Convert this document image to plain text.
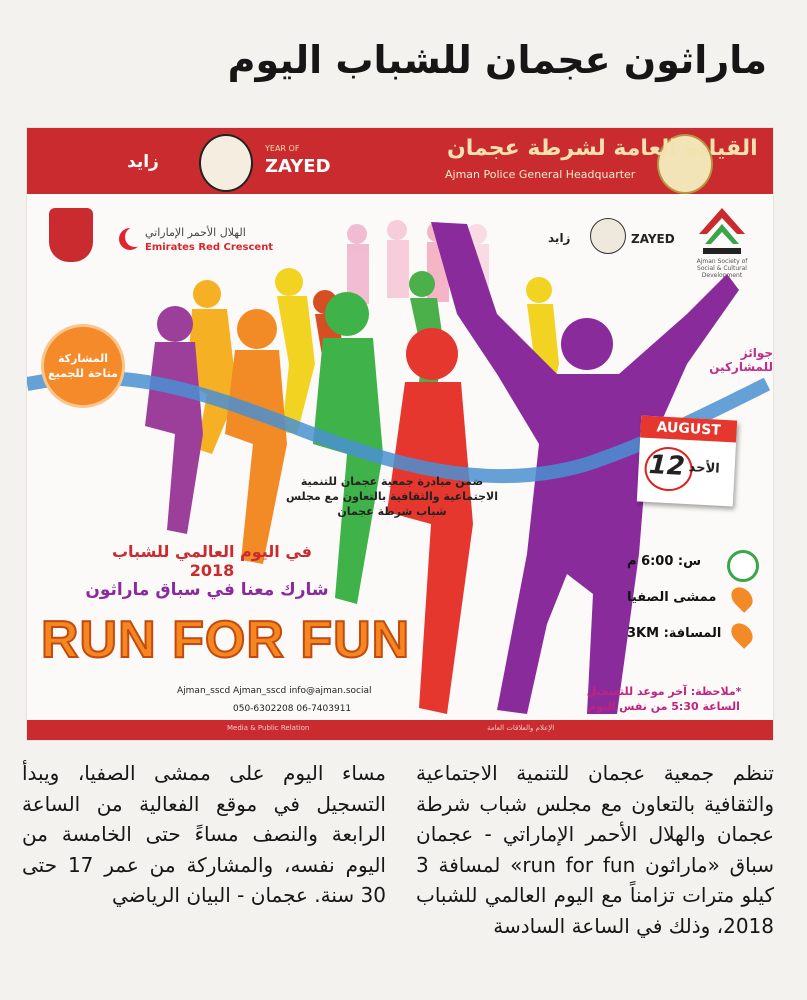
ماراثون عجمان للشباب اليوم
القيادة العامة لشرطة عجمان
Ajman Police General Headquarter
YEAR OF
ZAYED
زايد
الهلال الأحمر الإماراتي
Emirates Red Crescent
Ajman Society of Social & Cultural Development
ZAYED
زايد
المشاركة متاحة للجميع
جوائز للمشاركين
AUGUST
12 الأحد
ضمن مبادرة جمعية عجمان للتنمية الاجتماعية والثقافية بالتعاون مع مجلس شباب شرطة عجمان
في اليوم العالمي للشباب 2018
شارك معنا في سباق ماراثون
RUN FOR FUN
س: 6:00 م
ممشى الصفيا
المسافة: 3KM
Ajman_sscd Ajman_sscd info@ajman.social
050-6302208 06-7403911
*ملاحظة: آخر موعد للتسجيل الساعة 5:30 من نفس اليوم
Media & Public Relation	الإعلام والعلاقات العامة
تنظم جمعية عجمان للتنمية الاجتماعية والثقافية بالتعاون مع مجلس شباب شرطة عجمان والهلال الأحمر الإماراتي - عجمان سباق «ماراثون run for fun» لمسافة 3 كيلو مترات تزامناً مع اليوم العالمي للشباب 2018، وذلك في الساعة السادسة
مساء اليوم على ممشى الصفيا، ويبدأ التسجيل في موقع الفعالية من الساعة الرابعة والنصف مساءً حتى الخامسة من اليوم نفسه، والمشاركة من عمر 17 حتى 30 سنة. عجمان - البيان الرياضي
